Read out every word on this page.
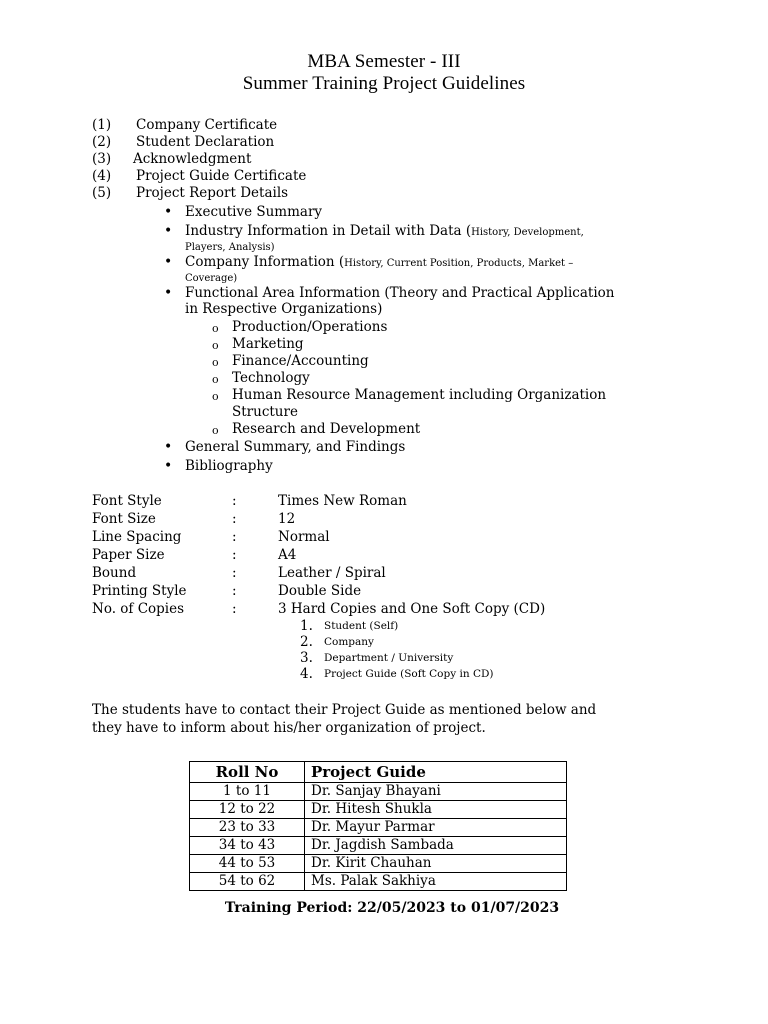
MBA Semester - III
Summer Training Project Guidelines
(1) Company Certificate
(2) Student Declaration
(3) Acknowledgment
(4) Project Guide Certificate
(5) Project Report Details
• Executive Summary
• Industry Information in Detail with Data (History, Development,
Players, Analysis)
• Company Information (History, Current Position, Products, Market –
Coverage)
• Functional Area Information (Theory and Practical Application
in Respective Organizations)
o Production/Operations
o Marketing
o Finance/Accounting
o Technology
o Human Resource Management including Organization
Structure
o Research and Development
• General Summary, and Findings
• Bibliography
Font Style	:	Times New Roman
Font Size	:	12
Line Spacing	:	Normal
Paper Size	:	A4
Bound	:	Leather / Spiral
Printing Style	:	Double Side
No. of Copies	:	3 Hard Copies and One Soft Copy (CD)
1. Student (Self)
2. Company
3. Department / University
4. Project Guide (Soft Copy in CD)
The students have to contact their Project Guide as mentioned below and
they have to inform about his/her organization of project.
Roll No	Project Guide
1 to 11	Dr. Sanjay Bhayani
12 to 22	Dr. Hitesh Shukla
23 to 33	Dr. Mayur Parmar
34 to 43	Dr. Jagdish Sambada
44 to 53	Dr. Kirit Chauhan
54 to 62	Ms. Palak Sakhiya
Training Period: 22/05/2023 to 01/07/2023
